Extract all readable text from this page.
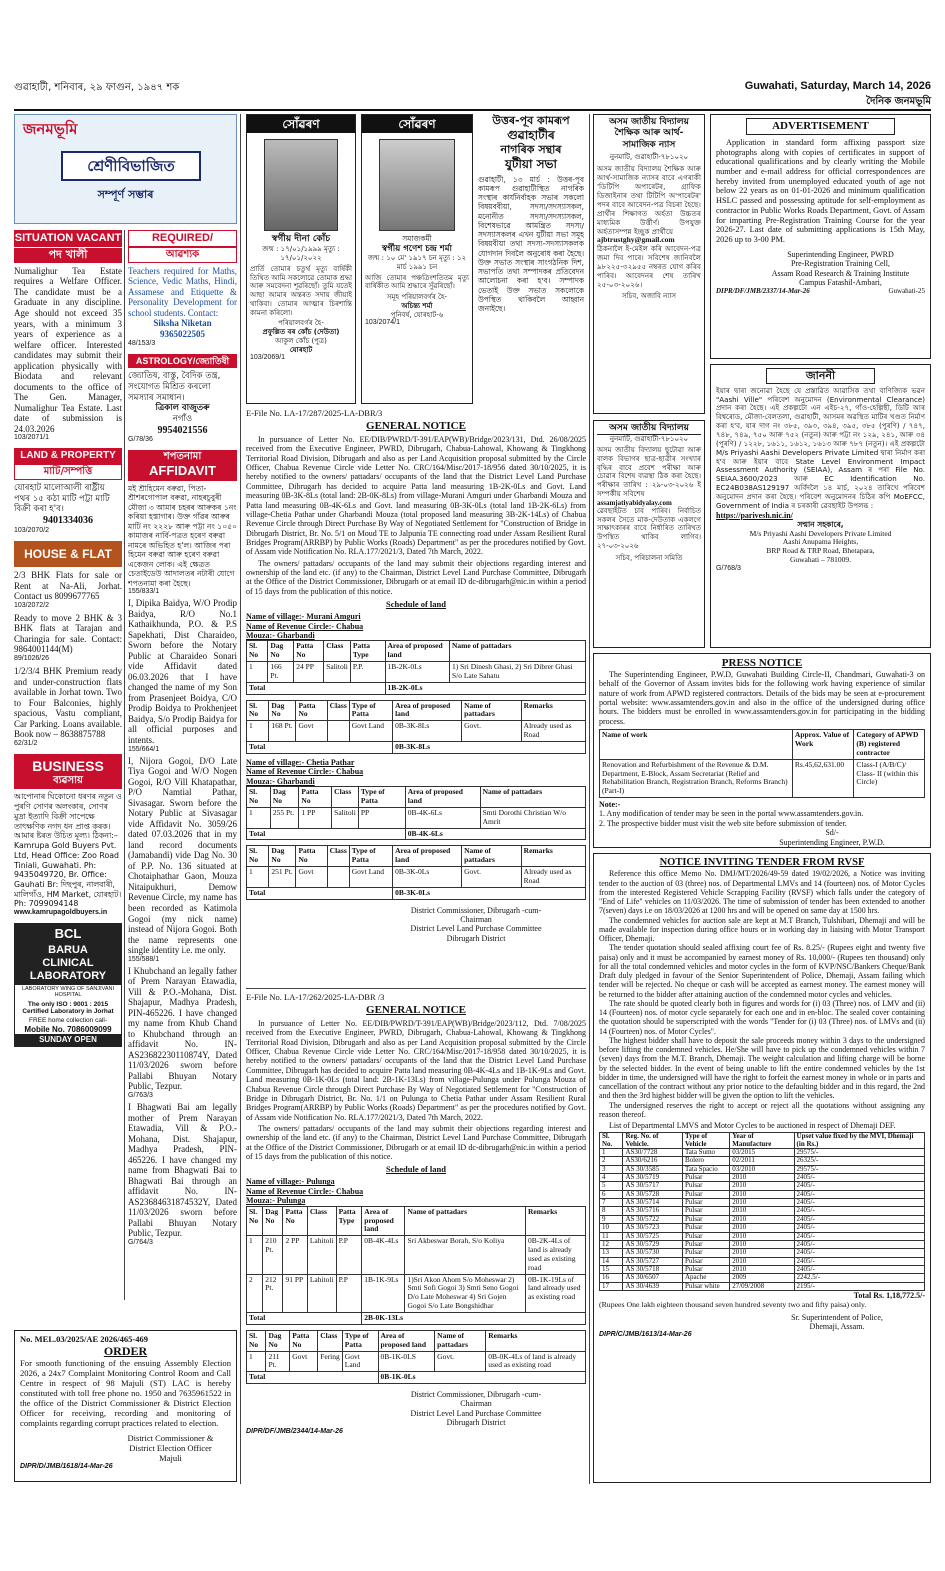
গুৱাহাটী, শনিবাৰ, ২৯ ফাগুন, ১৯৪৭ শক	Guwahati, Saturday, March 14, 2026
দৈনিক জনমভূমি
জনমভূমি
শ্ৰেণীবিভাজিত
সম্পূৰ্ণ সম্ভাৰ
SITUATION VACANT
পদ খালী
Numalighur Tea Estate requires a Welfare Officer. The candidate must be a Graduate in any discipline. Age should not exceed 35 years, with a minimum 3 years of experience as a welfare officer. Interested candidates may submit their application physically with Biodata and relevant documents to the office of The Gen. Manager, Numalighur Tea Estate. Last date of submission is 24.03.2026
103/2071/1
LAND & PROPERTY
মাটি/সম্পত্তি
যোৰহাট মালোআলী ৰাষ্ট্ৰীয় পথৰ ১৫ কঠা মাটি পট্টা মাটি বিক্ৰী কৰা হ'ব।
9401334036
103/2070/2
HOUSE & FLAT
2/3 BHK Flats for sale or Rent at Na-Ali, Jorhat. Contact us 8099677765
103/2072/2
Ready to move 2 BHK & 3 BHK flats at Tarajan and Charingia for sale. Contact: 9864001144(M)
89/1026/26
1/2/3/4 BHK Premium ready and under-construction flats available in Jorhat town. Two to Four Balconies, highly spacious, Vastu compliant, Car Parking. Loans available. Book now – 8638875788
62/31/2
BUSINESS
ব্যৱসায়
আপোনাৰ ঘিকোনো ধৰণৰ নতুন ও পুৰণি সোণৰ অলংকাৰ, সোণৰ মুদ্ৰা ইত্যাদি বিক্ৰী সাপেক্ষে তাৎক্ষণিক নগদ ধন প্ৰাপ্ত কৰক। আমাৰ ষ্টৰত উচিত মূল্য। ঠিকনা:– Kamrupa Gold Buyers Pvt. Ltd, Head Office: Zoo Road Tiniali, Guwahati. Ph: 9435049720, Br. Office: Gauhati Br: দিছপুৰ, নালবাৰী, মালিগাঁও, HM Market, যোৰহাট। Ph: 7099094148
www.kamrupagoldbuyers.in
BCL
BARUA
CLINICAL
LABORATORY
LABORATORY WING OF SANJIVANI HOSPITAL
The only ISO : 9001 : 2015 Certified Laboratory in Jorhat
FREE home collection call-
Mobile No. 7086009099
SUNDAY OPEN
REQUIRED/
আৱশ্যক
Teachers required for Maths, Science, Vedic Maths, Hindi, Assamese and Etiquette & Personality Development for school students. Contact:
Siksha Niketan
9365022505
48/153/3
ASTROLOGY/জ্যোতিষী
জ্যোতিষ, বাস্তু, বৈদিক তন্ত্ৰ, সংযোগত মিশ্ৰিত কৰলো সমস্যাৰ সমাধান।
ত্ৰিকাল বাজুতৰু
নগাঁও
9954021556
G/78/36
শপতনামা
AFFIDAVIT
মই শ্ৰীহিমেন বৰুৱা, পিতা-শ্ৰীশৰগোপাল বৰুৱা, নাহৰচুবুৰী মৌজা ৩ আমাৰ চহৰৰ আৰুকৰ ১নং কৰিয়া হস্তাগাৰ। উক্ত গাঁৱৰ আৰুৰ মাটি নং ২২২৮ আৰু পট্টা নং ১০৫০ কামাজৰ নাৰ্বি-পত্ৰত হৰেণ বৰুৱা নামৰে অভিহিত হ'ল। আজিৰ পৰা হিমেন বৰুৱা আৰু হৰেণ বৰুৱা একেজন লোক। এই ক্ষেত্ৰত চেতাইডেউ আদালতৰ নটাৰী যোগে শপতনামা কৰা হৈছে।
155/833/1
I, Dipika Baidya, W/O Prodip Baidya, R/O No.1 Kathaikhunda, P.O. & P.S Sapekhati, Dist Charaideo, Sworn before the Notary Public at Charaideo Sonari vide Affidavit dated 06.03.2026 that I have changed the name of my Son from Prasenjeet Boidya, C/O Prodip Boidya to Prokhenjeet Baidya, S/o Prodip Baidya for all official purposes and intents.
155/664/1
I, Nijora Gogoi, D/O Late Tiya Gogoi and W/O Nogen Gogoi, R/O Vill Khatapathar, P/O Namtial Pathar, Sivasagar. Sworn before the Notary Public at Sivasagar vide Affidavit No. 3059/26 dated 07.03.2026 that in my land record documents (Jamabandi) vide Dag No. 30 of P.P. No. 136 situated at Chotaiphathar Gaon, Mouza Nitaipukhuri, Demow Revenue Circle, my name has been recorded as Katimola Gogoi (my nick name) instead of Nijora Gogoi. Both the name represents one single identity i.e. me only.
155/588/1
I Khubchand an legally father of Prem Narayan Etawadia, Vill & P.O.-Mohana, Dist. Shajapur, Madhya Pradesh, PIN-465226. I have changed my name from Khub Chand to Khubchand through an affidavit No. IN-AS23682230110874Y, Dated 11/03/2026 sworn before Pallabi Bhuyan Notary Public, Tezpur.
G/763/3
I Bhagwati Bai am legally mother of Prem Narayan Etawadia, Vill & P.O.-Mohana, Dist. Shajapur, Madhya Pradesh, PIN-465226. I have changed my name from Bhagwati Bai to Bhagwati Bai through an affidavit No. IN-AS23684631874532Y, Dated 11/03/2026 sworn before Pallabi Bhuyan Notary Public, Tezpur.
G/764/3
No. MEL.03/2025/AE 2026/465-469
ORDER
For smooth functioning of the ensuing Assembly Election 2026, a 24x7 Complaint Monitoring Control Room and Call Centre in respect of 98 Majuli (ST) LAC is hereby constituted with toll free phone no. 1950 and 7635961522 in the office of the District Commissioner & District Election Officer for receiving, recording and monitoring of complaints regarding corrupt practices related to election.
District Commissioner &
District Election Officer
Majuli
DIPR/D/JMB/1618/14-Mar-26
সোঁৱৰণ
স্বৰ্গীয় দীনা কোঁচ
জন্ম : ১৭/০১/১৯৯৯ মৃত্যু : ১৭/০১/২০২২
প্ৰাৰ্তি তোমাৰ চতুৰ্থ মৃত্যু বাৰ্ষিকী তিথিত আমি সকলোৱে তোমাক শ্ৰদ্ধা আৰু সমবেদনা শূৱৰিছোঁ। তুমি যতেই আছা আমাৰ অন্তৰত সদায় জীয়াই থাকিবা। তোমাৰ আত্মাৰ চিৰশান্তি কামনা কৰিলো।
পৰিয়ালবৰ্গৰ হৈ-
প্ৰফুল্লিত বৰ কোঁচ (দেউতা)
আকুল কোঁচ (পুত্ৰ)
যোৰহাট
103/2069/1
সোঁৱৰণ
সমাজকৰ্মী
স্বৰ্গীয় গণেশ চন্দ্ৰ শৰ্মা
জন্ম : ১০ মে' ১৯১৭ চন মৃত্যু : ১২ মাৰ্চ ১৯৯১ চন
আজি তোমাৰ পঞ্চত্ৰিংশতিতম মৃত্যু বাৰ্ষিকীত আমি শ্ৰদ্ধাৰে সুঁৱৰিছোঁ।
সমূহ পৰিয়ালবৰ্গৰ হৈ-
অচিন্ত্য শৰ্মা
পুনিবৰ্ষ, যোৰহাট-৬
103/2074/1
উত্তৰ-পূব কামৰূপ
গুৱাহাটীৰ
নাগৰিক সন্থাৰ
যুটীয়া সভা
গুৱাহাটী, ১৩ মাৰ্চ : উত্তৰ-পূব কামৰূপ গুৱাহাটীস্থিত নাগৰিক সংস্থাৰ কাৰ্যনিৰ্বাহক সভাৰ সকলো বিষয়ববীয়া, সদস্য/সদস্যাসকল, মনোনীত সদস্য/সদস্যাসকল, বিশেষভাৱে আমন্ত্ৰিত সদস্য/সদস্যাসকলৰ এখন যুটীয়া সভা সমূহ বিষয়বীয়া তথা সদস্য-সদস্যাসকলক যোগদান দিবলৈ অনুৰোধ কৰা হৈছে। উক্ত সভাত সংস্থাৰ সাংগঠনিক দিশ, সভাপতি তথা সম্পাদকৰ প্ৰতিবেদন আলোচনা কৰা হ'ব। সম্পাদক ভেতাই উক্ত সভাত সকলোকে উপস্থিত থাকিবলৈ আহ্বান জনাইছে।
E-File No. LA-17/287/2025-LA-DBR/3
GENERAL NOTICE
In pursuance of Letter No. EE/DIB/PWRD/T-391/EAP(WB)/Bridge/2023/131, Dtd. 26/08/2025 received from the Executive Engineer, PWRD, Dibrugarh, Chabua-Lahowal, Khowang & Tingkhong Territorial Road Division, Dibrugarh and also as per Land Acquisition proposal submitted by the Circle Officer, Chabua Revenue Circle vide Letter No. CRC/164/Misc/2017-18/956 dated 30/10/2025, it is hereby notified to the owners/ pattadars/ occupants of the land that the District Level Land Purchase Committee, Dibrugarh has decided to acquire Patta land measuring 1B-2K-0Ls and Govt. Land measuring 0B-3K-8Ls (total land: 2B-0K-8Ls) from village-Murani Amguri under Gharbandi Mouza and Patta land measuring 0B-4K-6Ls and Govt. land measuring 0B-3K-0Ls (total land 1B-2K-6Ls) from village-Chetia Pathar under Gharbandi Mouza (total proposed land measuring 3B-2K-14Ls) of Chabua Revenue Circle through Direct Purchase By Way of Negotiated Settlement for "Construction of Bridge in Dibrugarh District, Br. No. 5/1 on Moud TE to Jalpunia TE connecting road under Assam Resilient Rural Bridges Program(ARRBP) by Public Works (Roads) Department" as per the procedures notified by Govt. of Assam vide Notification No. RLA.177/2021/3, Dated 7th March, 2022.
The owners/ pattadars/ occupants of the land may submit their objections regarding interest and ownership of the land etc. (if any) to the Chairman, District Level Land Purchase Committee, Dibrugarh at the Office of the District Commissioner, Dibrugarh or at email ID dc-dibrugarh@nic.in within a period of 15 days from the publication of this notice.
Schedule of land
Name of village:- Murani Amguri
Name of Revenue Circle:- Chabua
Mouza:- Gharbandi
Sl. No	Dag No	Patta No	Class	Patta Type	Area of proposed land	Name of pattadars
1	166 Pt.	24 PP	Salitoli	P.P.	1B-2K-0Ls	1) Sri Dinesh Ghasi, 2) Sri Dibrer Ghasi S/o Late Sahatu
Total					1B-2K-0Ls	
Sl. No	Dag No	Patta No	Class	Type of Patta	Area of proposed land	Name of pattadars	Remarks
1	168 Pt.	Govt		Govt Land	0B-3K-8Ls	Govt.	Already used as Road
Total					0B-3K-8Ls		
Name of village:- Chetia Pathar
Name of Revenue Circle:- Chabua
Mouza:- Gharbandi
Sl. No	Dag No	Patta No	Class	Type of Patta	Area of proposed land	Name of pattadars
1	255 Pt.	1 PP	Salitoli	PP	0B-4K-6Ls	Smti Dorothi Christian W/o Amrit
Total					0B-4K-6Ls	
Sl. No	Dag No	Patta No	Class	Type of Patta	Area of proposed land	Name of pattadars	Remarks
1	251 Pt.	Govt		Govt Land	0B-3K-0Ls	Govt.	Already used as Road
Total					0B-3K-0Ls		
District Commissioner, Dibrugarh -cum-
Chairman
District Level Land Purchase Committee
Dibrugarh District
E-File No. LA-17/262/2025-LA-DBR /3
GENERAL NOTICE
In pursuance of Letter No. EE/DIB/PWRD/T-391/EAP(WB)/Bridge/2023/112, Dtd. 7/08/2025 received from the Executive Engineer, PWRD, Dibrugarh, Chabua-Lahowal, Khowang & Tingkhong Territorial Road Division, Dibrugarh and also as per Land Acquisition proposal submitted by the Circle Officer, Chabua Revenue Circle vide Letter No. CRC/164/Misc/2017-18/958 dated 30/10/2025, it is hereby notified to the owners/ pattadars/ occupants of the land that the District Level Land Purchase Committee, Dibrugarh has decided to acquire Patta land measuring 0B-4K-4Ls and 1B-1K-9Ls and Govt. Land measuring 0B-1K-0Ls (total land: 2B-1K-13Ls) from village-Pulunga under Pulunga Mouza of Chabua Revenue Circle through Direct Purchase By Way of Negotiated Settlement for "Construction of Bridge in Dibrugarh District, Br. No. 1/1 on Pulunga to Chetia Pathar under Assam Resilient Rural Bridges Program(ARRBP) by Public Works (Roads) Department" as per the procedures notified by Govt. of Assam vide Notification No. RLA.177/2021/3, Dated 7th March, 2022.
The owners/ pattadars/ occupants of the land may submit their objections regarding interest and ownership of the land etc. (if any) to the Chairman, District Level Land Purchase Committee, Dibrugarh at the Office of the District Commissioner, Dibrugarh or at email ID dc-dibrugarh@nic.in within a period of 15 days from the publication of this notice.
Schedule of land
Name of village:- Pulunga
Name of Revenue Circle:- Chabua
Mouza:- Pulunga
Sl. No	Dag No	Patta No	Class	Patta Type	Area of proposed land	Name of pattadars	Remarks
1	210 Pt.	2 PP	Lahitoli	P.P	0B-4K-4Ls	Sri Akbeswar Borah, S/o Koliya	0B-2K-4Ls of land is already used as existing road
2	212 Pt.	91 PP	Lahitoli	P.P	1B-1K-9Ls	1)Sri Akon Ahom S/o Moheswar 2) Smti Sofi Gogoi 3) Smti Seno Gogoi D/o Late Moheswar 4) Sri Gojen Gogoi S/o Late Bongshidhar	0B-1K-19Ls of land already used as existing road
Total					2B-0K-13Ls		
Sl. No	Dag No	Patta No	Class	Type of Patta	Area of proposed land	Name of pattadars	Remarks
1	211 Pt.	Govt	Fering	Govt Land	0B-1K-0LS	Govt.	0B-0K-4Ls of land is already used as existing road
Total					0B-1K-0Ls		
District Commissioner, Dibrugarh -cum-
Chairman
District Level Land Purchase Committee
Dibrugarh District
DIPR/DF/JMB/2344/14-Mar-26
অসম জাতীয় বিদ্যালয়
শৈক্ষিক আৰু আৰ্থ-
সামাজিক ন্যাস
নুনমাটি, গুৱাহাটী-৭৮১০২০
অসম জাতীয় বিদ্যালয় শৈক্ষিক আৰু আৰ্থ-সামাজিক ন্যাসৰ বাবে এগৰাকী 'ডিটিপি অপাৰেটৰ, গ্ৰাফিক ডিজাইনাৰ তথা টিটিপি অ'পাৰেটৰ' পদৰ বাবে আবেদন-পত্ৰ বিচৰা হৈছে। প্ৰাৰ্থীৰ শিক্ষাগত অৰ্হতা উচ্চতৰ মাধ্যমিক উৰ্ত্তীৰ্ণ। উপযুক্ত অৰ্হতাসম্পন্ন ইচ্ছুক প্ৰাৰ্থীয়ে
ajbtrustghy@gmail.com
ঠিকনালৈ ই-মেইল কৰি আবেদন-পত্ৰ জমা দিব পাৰে। সবিশেষ জানিবলৈ ৯৮২২৫-৩২৯৫৫ নম্বৰত যোগ কৰিব পাৰিব। আবেদনৰ শেষ তাৰিখ ২৫-০৩-২০২৬।
সচিব, অজাবি ন্যাস
অসম জাতীয় বিদ্যালয়
নুনমাটি, গুৱাহাটী-৭৮১০২০
অসম জাতীয় বিদ্যালয় ছুটোৱা আৰু বালক বিভাগৰ ছাত্ৰ-ছাত্ৰীৰ সংখ্যাৰ বৃদ্ধিৰ বাবে প্ৰবেশ পৰীক্ষা আৰু চোৱাৰ বিশেষ ব্যৱস্থা ঠিক কৰা হৈছে। পৰীক্ষাৰ তাৰিখ : ২৯-০৩-২০২৬ ই সম্পৰ্কীয় সবিশেষ
assamjatiyabidyalay.com
ৱেবছাইটত চাব পাৰিব। নিৰ্বাচিত সকলৰ সৈতে মাক-দেউতাক একলগে সাক্ষাৎকাৰৰ বাবে নিৰ্ধাৰিত তাৰিখত উপস্থিত থাকিব লাগিব। ২৭-০৩-২০২৬
সচিব, পৰিচালনা সমিতি
ADVERTISEMENT
Application in standard form affixing passport size photographs along with copies of certificates in support of educational qualifications and by clearly writing the Mobile number and e-mail address for official correspondences are hereby invited from unemployed educated youth of age not below 22 years as on 01-01-2026 and minimum qualification HSLC passed and possessing aptitude for self-employment as contractor in Public Works Roads Department, Govt. of Assam for imparting Pre-Registration Training Course for the year 2026-27. Last date of submitting applications is 15th May, 2026 up to 3-00 PM.
Superintending Engineer, PWRD
Pre-Registration Training Cell,
Assam Road Research & Training Institute
Campus Fatashil-Ambari,
DIPR/DF/JMB/2337/14-Mar-26	Guwahati-25
জাননী
ইয়াৰ দ্বাৰা জনোৱা হৈছে যে প্ৰস্তাৱিত আৱাসিক তথা বাণিজ্যিক ভৱন "Aashi Ville" পৰিবেশ অনুমোদন (Environmental Clearance) প্ৰদান কৰা হৈছে। এই প্ৰকল্পটো এন এইচ-২৭, গাঁও-হেল্পিছী, ডিটি আৰ বিশ্বৰোড, মৌজা-বেলতলা, গুৱাহাটী, আসমৰ অৱস্থিত মাটিৰ খণ্ডত নিৰ্মাণ কৰা হ'ব, যাৰ দাগ নং ৩৮৫, ৩৯৩, ৩৯৪, ৩৯৫, ৩৮৫ (পুৰণি) / ৭৪৭, ৭৪৮, ৭৪৯, ৭৫০ আৰু ৭৫২ (নতুন) আৰু পট্টা নং ১২৯, ২৪১, আৰু ৩৪ (পুৰণি) / ১২২৮, ১৬১১, ১৬১২, ১৬১৩ আৰু ৭৮৭ (নতুন)। এই প্ৰকল্পটো M/s Priyashi Aashi Developers Private Limited দ্বাৰা নিৰ্মাণ কৰা হ'ব আৰু ইয়াৰ বাবে State Level Environment Impact Assessment Authority (SEIAA), Assam ৰ পৰা File No. SEIAA.3600/2023 আৰু EC Identification No. EC24B038AS129197 অৰ্বিদলৈ ১৪ মাৰ্চ, ২০২৪ তাৰিখে পৰিবেশ অনুমোদন প্ৰদান কৰা হৈছে। পৰিবেশ অনুমোদনৰ চিঠিৰ কপি MoEFCC, Government of India ৰ চৰকাৰী ৱেবছাইট উপলব্ধ :
https://parivesh.nic.in/
সন্মান সহকাৰে,
M/s Priyashi Aashi Developers Private Limited
Aashi Anupama Heights,
BRP Road & TRP Road, Bhetapara,
Guwahati – 781009.
G/768/3
PRESS NOTICE
The Superintending Engineer, P.W.D, Guwahati Building Circle-II, Chandmari, Guwahati-3 on behalf of the Governor of Assam invites bids for the following work having experience of similar nature of work from APWD registered contractors. Details of the bids may be seen at e-procurement portal website: www.assamtenders.gov.in and also in the office of the undersigned during office hours. The bidders must be enrolled in www.assamtenders.gov.in for participating in the bidding process.
Name of work	Approx. Value of Work	Category of APWD (B) registered contractor
Renovation and Refurbishment of the Revenue & D.M. Department, E-Block, Assam Secretariat (Relief and Rehabilitation Branch, Registration Branch, Reforms Branch) (Part-I)	Rs.45,62,631.00	Class-I (A/B/C)/ Class- II (within this Circle)
Note:-
1. Any modification of tender may be seen in the portal www.assamtenders.gov.in.
2. The prospective bidder must visit the web site before submission of tender.
Sd/-
Superintending Engineer, P.W.D.
NOTICE INVITING TENDER FROM RVSF
Reference this office Memo No. DMJ/MT/2026/49-59 dated 19/02/2026, a Notice was inviting tender to the auction of 03 (three) nos. of Departmental LMVs and 14 (fourteen) nos. of Motor Cycles from the interested Registered Vehicle Scrapping Facility (RVSF) which falls under the category of "End of Life" vehicles on 11/03/2026. The time of submission of tender has been extended to another 7(seven) days i.e on 18/03/2026 at 1200 hrs and will be opened on same day at 1500 hrs.
The condemned vehicles for auction sale are kept at M.T Branch, Tulshibari, Dhemaji and will be made available for inspection during office hours or in working day in liaising with Motor Transport Officer, Dhemaji.
The tender quotation should sealed affixing court fee of Rs. 8.25/- (Rupees eight and twenty five paisa) only and it must be accompanied by earnest money of Rs. 10,000/- (Rupees ten thousand) only for all the total condemned vehicles and motor cycles in the form of KVP/NSC/Bankers Cheque/Bank Draft duly pledged in favour of the Senior Superintendent of Police, Dhemaji, Assam failing which tender will be rejected. No cheque or cash will be accepted as earnest money. The earnest money will be returned to the bidder after attaining auction of the condemned motor cycles and vehicles.
The rate should be quoted clearly both in figures and words for (i) 03 (Three) nos. of LMV and (ii) 14 (Fourteen) nos. of motor cycle separately for each one and in en-bloc. The sealed cover containing the quotation should be superscripted with the words "Tender for (i) 03 (Three) nos. of LMVs and (ii) 14 (Fourteen) nos. of Motor Cycles".
The highest bidder shall have to deposit the sale proceeds money within 3 days to the undersigned before lifting the condemned vehicles. He/She will have to pick up the condemned vehicles within 7 (seven) days from the M.T. Branch, Dhemaji. The weight calculation and lifting charge will be borne by the selected bidder. In the event of being unable to lift the entire condemned vehicles by the 1st bidder in time, the undersigned will have the right to forfeit the earnest money in whole or in parts and cancellation of the contract without any prior notice to the defaulting bidder and in this regard, the 2nd and then the 3rd highest bidder will be given the option to lift the vehicles.
The undersigned reserves the right to accept or reject all the quotations without assigning any reason thereof.
List of Departmental LMVS and Motor Cycles to be auctioned in respect of Dhemaji DEF.
Sl. No.	Reg. No. of Vehicle.	Type of Vehicle	Year of Manufacture	Upset value fixed by the MVI, Dhemaji (in Rs.)
1	AS30/7728	Tata Sumo	03/2015	29575/-
2	AS30/6216	Bolero	02/2011	26325/-
3	AS 30/3585	Tata Spacio	03/2010	29575/-
4	AS 30/5719	Pulsar	2010	2405/-
5	AS 30/5717	Pulsar	2010	2405/-
6	AS 30/5728	Pulsar	2010	2405/-
7	AS 30/5714	Pulsar	2010	2405/-
8	AS 30/5716	Pulsar	2010	2405/-
9	AS 30/5722	Pulsar	2010	2405/-
10	AS 30/5723	Pulsar	2010	2405/-
11	AS 30/5725	Pulsar	2010	2405/-
12	AS 30/5729	Pulsar	2010	2405/-
13	AS 30/5730	Pulsar	2010	2405/-
14	AS 30/5727	Pulsar	2010	2405/-
15	AS 30/5718	Pulsar	2010	2405/-
16	AS 30/6507	Apache	2009	2242.5/-
17	AS 30/4639	Pulsar white	27/09/2008	2195/-
Total Rs. 1,18,772.5/-
(Rupees One lakh eighteen thousand seven hundred seventy two and fifty paisa) only.
Sr. Superintendent of Police,
Dhemaji, Assam.
DIPR/C/JMB/1613/14-Mar-26
